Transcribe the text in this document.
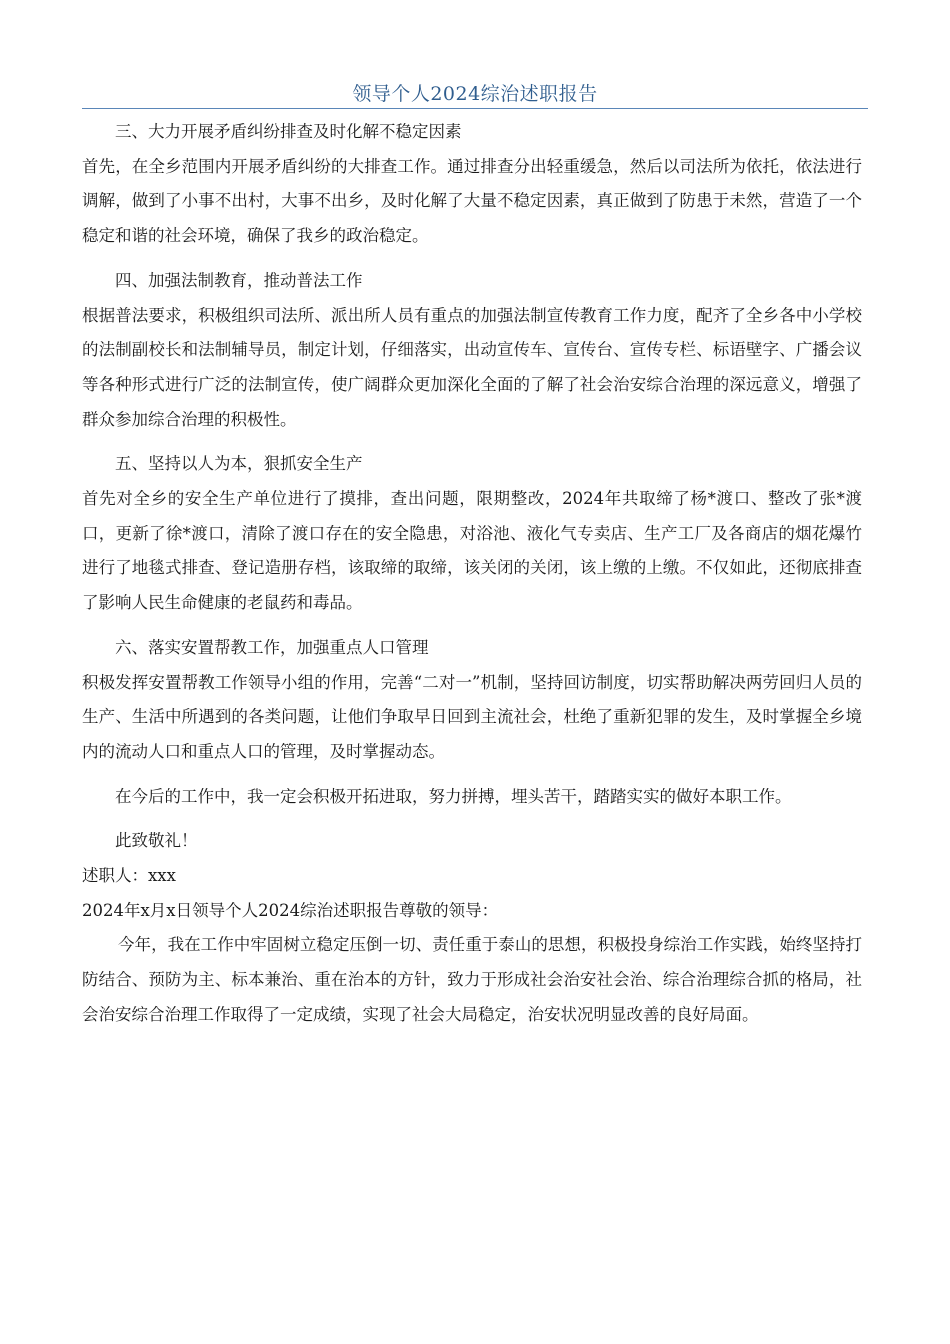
领导个人2024综治述职报告

三、大力开展矛盾纠纷排查及时化解不稳定因素

首先，在全乡范围内开展矛盾纠纷的大排查工作。通过排查分出轻重缓急，然后以司法所为依托，依法进行调解，做到了小事不出村，大事不出乡，及时化解了大量不稳定因素，真正做到了防患于未然，营造了一个稳定和谐的社会环境，确保了我乡的政治稳定。

四、加强法制教育，推动普法工作

根据普法要求，积极组织司法所、派出所人员有重点的加强法制宣传教育工作力度，配齐了全乡各中小学校的法制副校长和法制辅导员，制定计划，仔细落实，出动宣传车、宣传台、宣传专栏、标语壁字、广播会议等各种形式进行广泛的法制宣传，使广阔群众更加深化全面的了解了社会治安综合治理的深远意义，增强了群众参加综合治理的积极性。

五、坚持以人为本，狠抓安全生产

首先对全乡的安全生产单位进行了摸排，查出问题，限期整改，2024年共取缔了杨*渡口、整改了张*渡口，更新了徐*渡口，清除了渡口存在的安全隐患，对浴池、液化气专卖店、生产工厂及各商店的烟花爆竹进行了地毯式排查、登记造册存档，该取缔的取缔，该关闭的关闭，该上缴的上缴。不仅如此，还彻底排查了影响人民生命健康的老鼠药和毒品。

六、落实安置帮教工作，加强重点人口管理

积极发挥安置帮教工作领导小组的作用，完善“二对一”机制，坚持回访制度，切实帮助解决两劳回归人员的生产、生活中所遇到的各类问题，让他们争取早日回到主流社会，杜绝了重新犯罪的发生，及时掌握全乡境内的流动人口和重点人口的管理，及时掌握动态。

在今后的工作中，我一定会积极开拓进取，努力拼搏，埋头苦干，踏踏实实的做好本职工作。

此致敬礼！

述职人：xxx

2024年x月x日领导个人2024综治述职报告尊敬的领导：

今年，我在工作中牢固树立稳定压倒一切、责任重于泰山的思想，积极投身综治工作实践，始终坚持打防结合、预防为主、标本兼治、重在治本的方针，致力于形成社会治安社会治、综合治理综合抓的格局，社会治安综合治理工作取得了一定成绩，实现了社会大局稳定，治安状况明显改善的良好局面。
